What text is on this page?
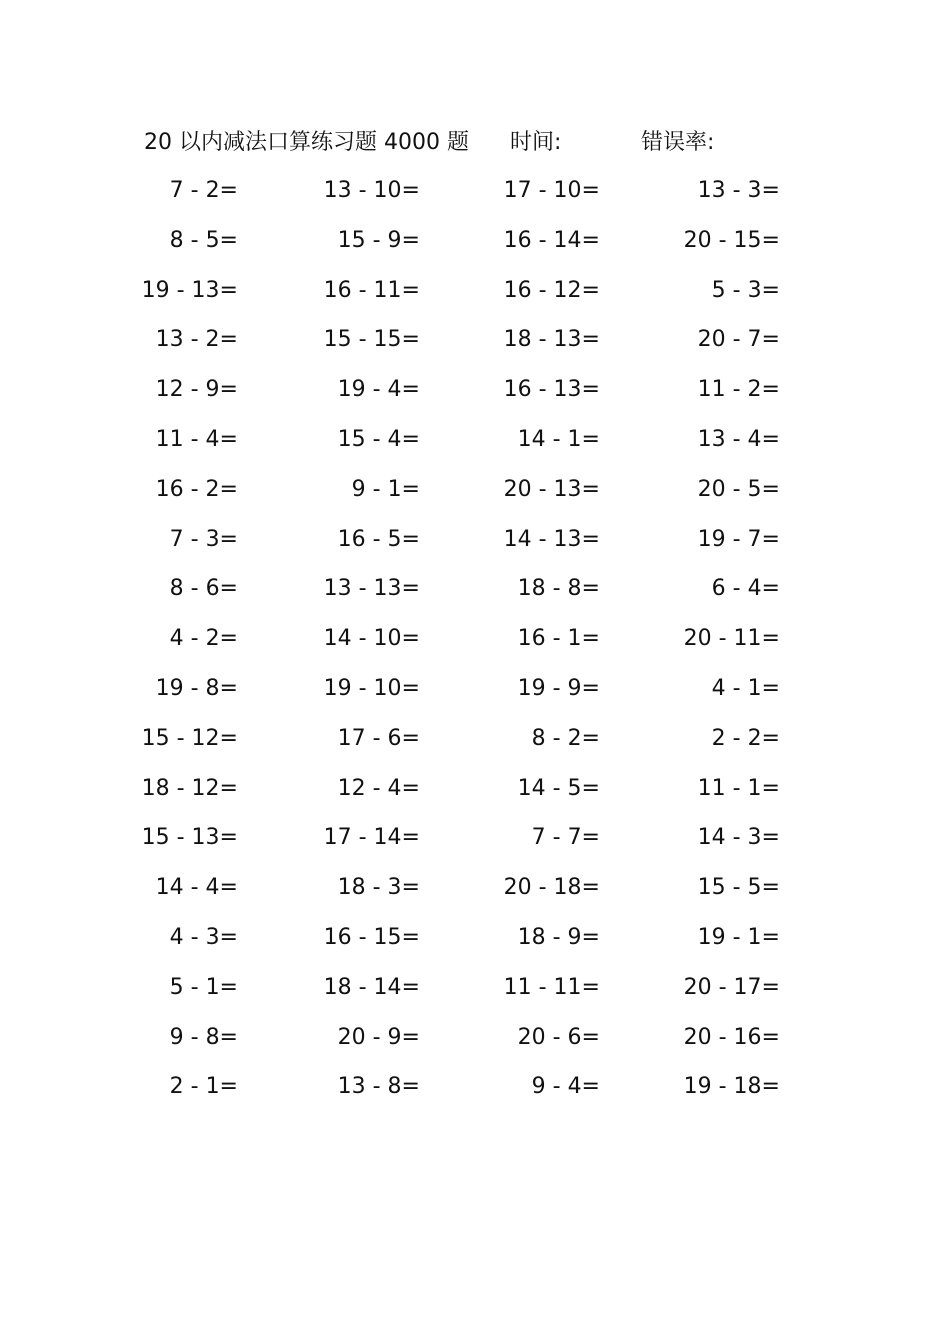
20 以内减法口算练习题 4000 题 时间:	错误率:
7 - 2=	13 - 10=	17 - 10=	13 - 3=
8 - 5=	15 - 9=	16 - 14=	20 - 15=
19 - 13=	16 - 11=	16 - 12=	5 - 3=
13 - 2=	15 - 15=	18 - 13=	20 - 7=
12 - 9=	19 - 4=	16 - 13=	11 - 2=
11 - 4=	15 - 4=	14 - 1=	13 - 4=
16 - 2=	9 - 1=	20 - 13=	20 - 5=
7 - 3=	16 - 5=	14 - 13=	19 - 7=
8 - 6=	13 - 13=	18 - 8=	6 - 4=
4 - 2=	14 - 10=	16 - 1=	20 - 11=
19 - 8=	19 - 10=	19 - 9=	4 - 1=
15 - 12=	17 - 6=	8 - 2=	2 - 2=
18 - 12=	12 - 4=	14 - 5=	11 - 1=
15 - 13=	17 - 14=	7 - 7=	14 - 3=
14 - 4=	18 - 3=	20 - 18=	15 - 5=
4 - 3=	16 - 15=	18 - 9=	19 - 1=
5 - 1=	18 - 14=	11 - 11=	20 - 17=
9 - 8=	20 - 9=	20 - 6=	20 - 16=
2 - 1=	13 - 8=	9 - 4=	19 - 18=
